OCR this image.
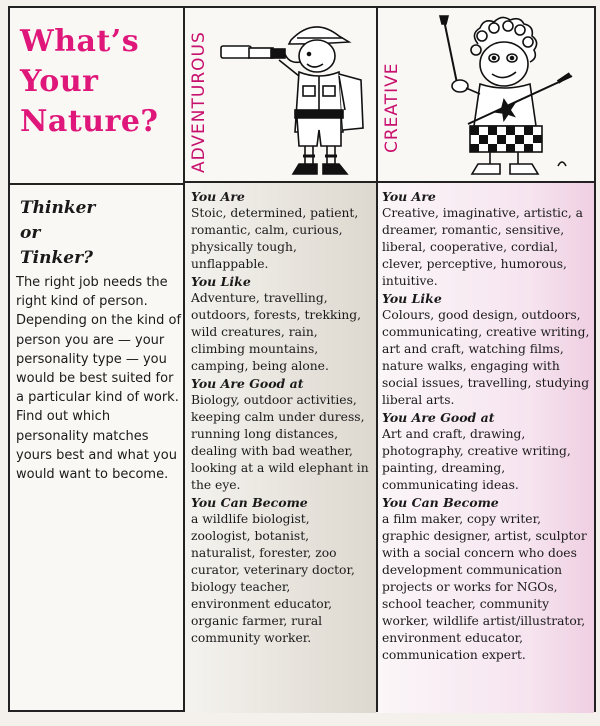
What’s
Your
Nature?
Thinker
or
Tinker?
The right job needs the right kind of person. Depending on the kind of person you are — your personality type — you would be best suited for a particular kind of work. Find out which personality matches yours best and what you would want to become.
ADVENTUROUS
You Are
Stoic, determined, patient, romantic, calm, curious, physically tough, unflappable.
You Like
Adventure, travelling, outdoors, forests, trekking, wild creatures, rain, climbing mountains, camping, being alone.
You Are Good at
Biology, outdoor activities, keeping calm under duress, running long distances, dealing with bad weather, looking at a wild elephant in the eye.
You Can Become
a wildlife biologist, zoologist, botanist, naturalist, forester, zoo curator, veterinary doctor, biology teacher, environment educator, organic farmer, rural community worker.
CREATIVE
You Are
Creative, imaginative, artistic, a dreamer, romantic, sensitive, liberal, cooperative, cordial, clever, perceptive, humorous, intuitive.
You Like
Colours, good design, outdoors, communicating, creative writing, art and craft, watching films, nature walks, engaging with social issues, travelling, studying liberal arts.
You Are Good at
Art and craft, drawing, photography, creative writing, painting, dreaming, communicating ideas.
You Can Become
a film maker, copy writer, graphic designer, artist, sculptor with a social concern who does development communication projects or works for NGOs, school teacher, community worker, wildlife artist/illustrator, environment educator, communication expert.
